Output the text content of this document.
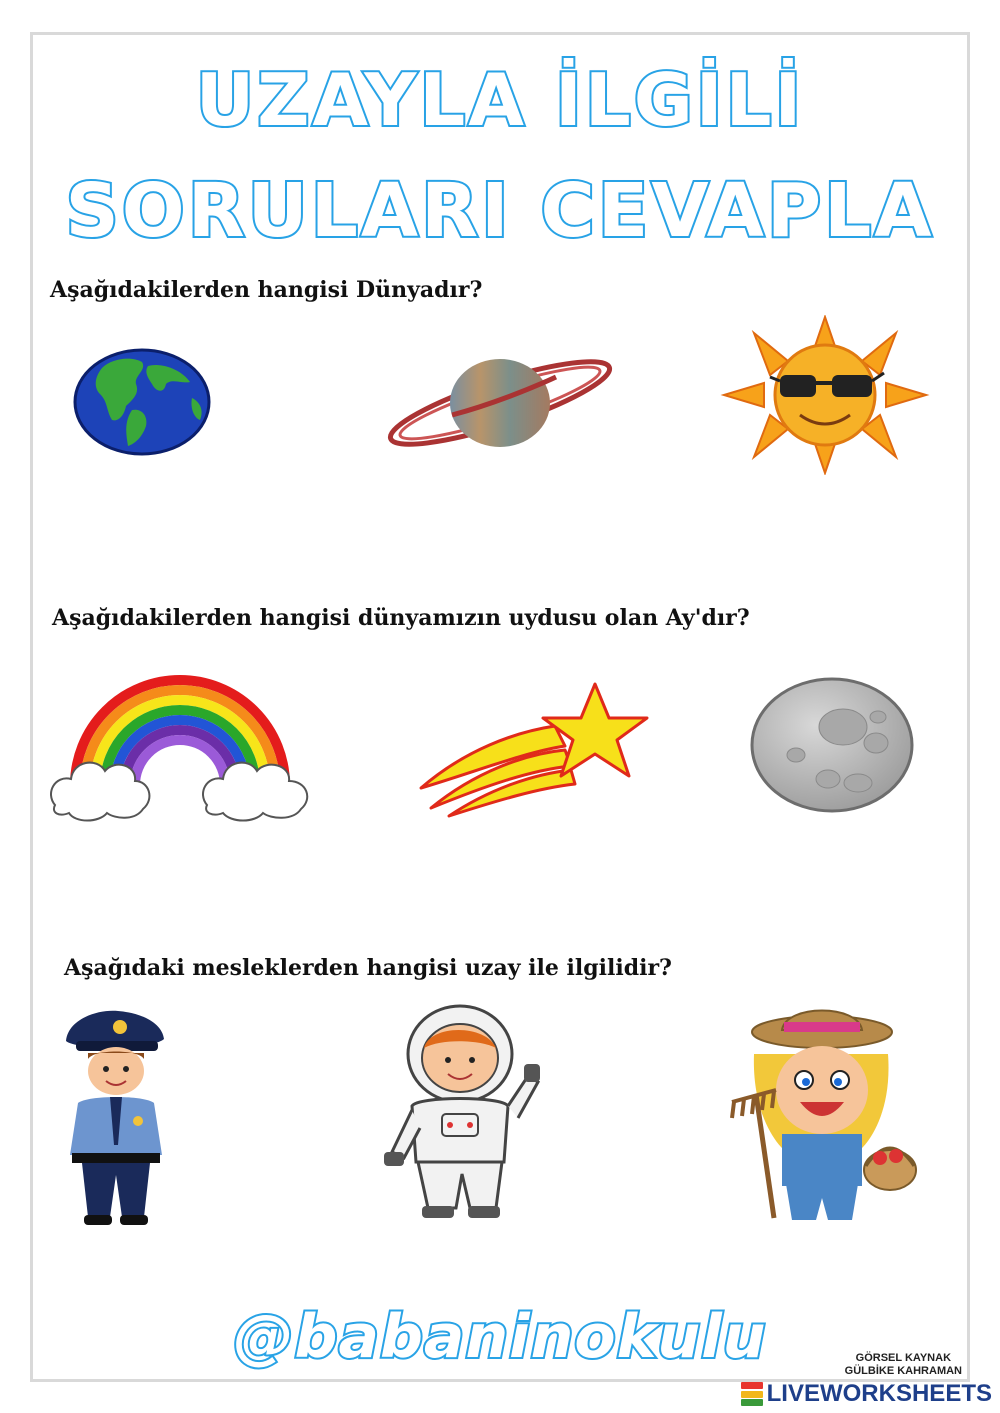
UZAYLA İLGİLİ
SORULARI CEVAPLA
Aşağıdakilerden hangisi Dünyadır?
Aşağıdakilerden hangisi dünyamızın uydusu olan Ay'dır?
Aşağıdaki mesleklerden hangisi uzay ile ilgilidir?
@babaninokulu	GÖRSEL KAYNAK
GÜLBİKE KAHRAMAN
LIVEWORKSHEETS
